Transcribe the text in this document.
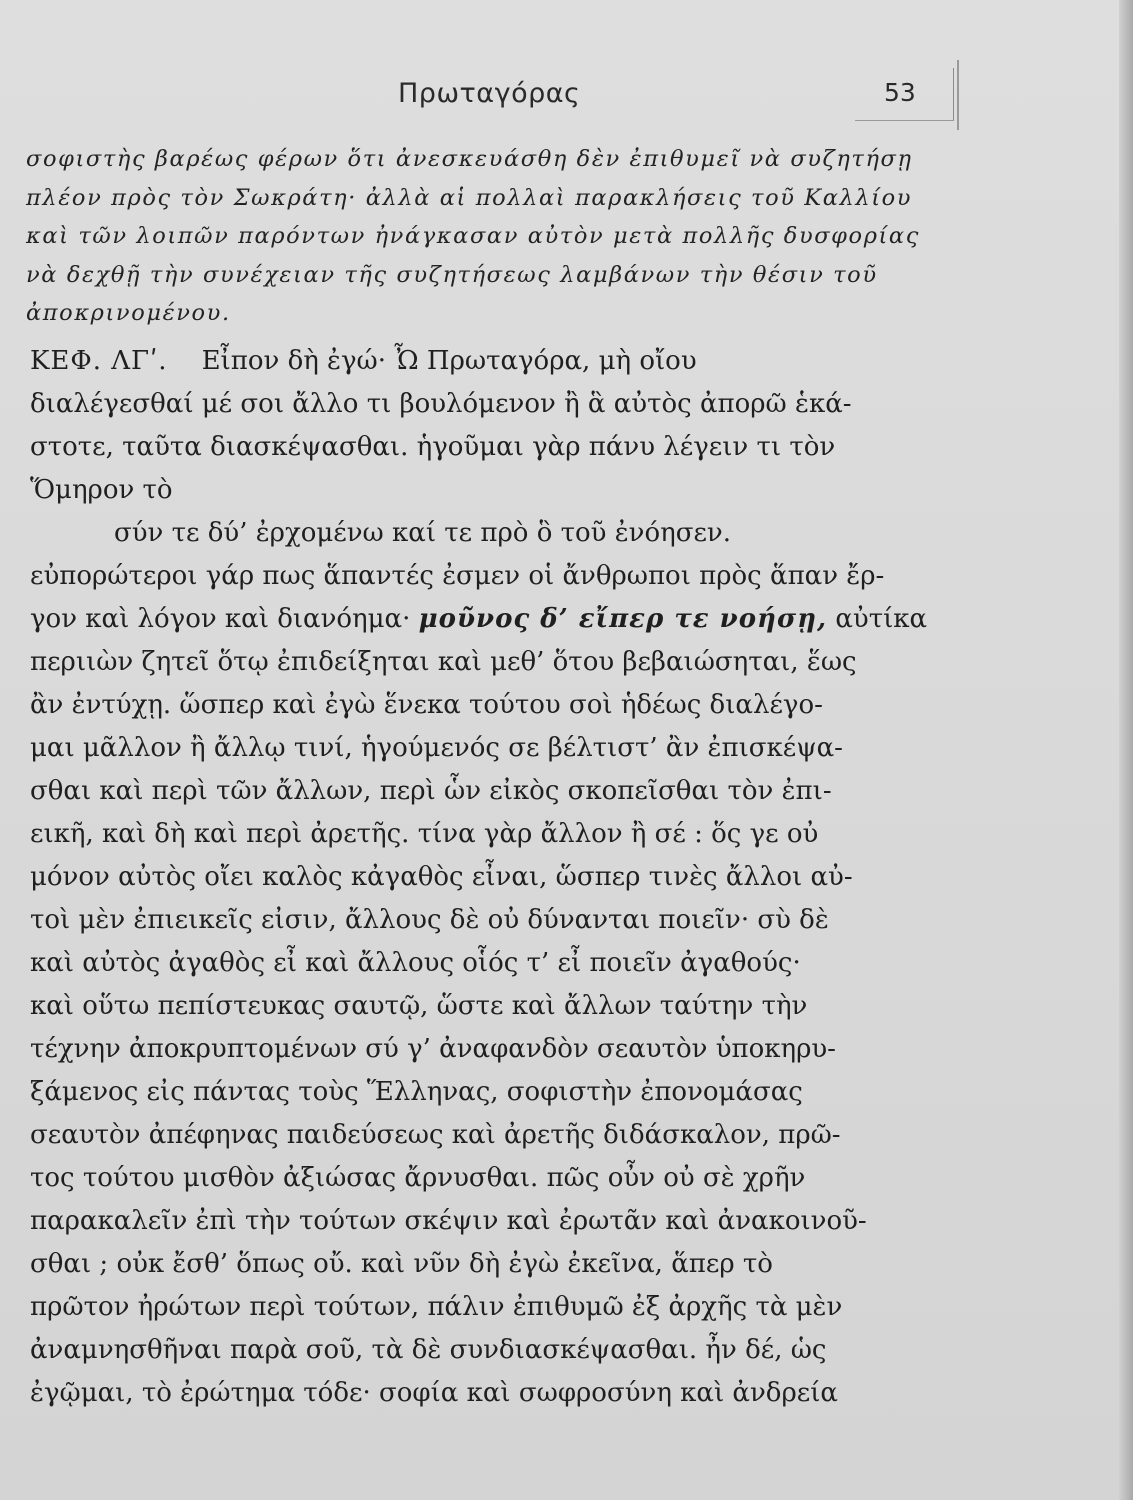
Πρωταγόρας	53
σοφιστὴς βαρέως φέρων ὅτι ἀνεσκευάσθη δὲν ἐπιθυμεῖ νὰ συζητήσῃ
πλέον πρὸς τὸν Σωκράτη· ἀλλὰ αἱ πολλαὶ παρακλήσεις τοῦ Καλλίου
καὶ τῶν λοιπῶν παρόντων ἠνάγκασαν αὐτὸν μετὰ πολλῆς δυσφορίας
νὰ δεχθῇ τὴν συνέχειαν τῆς συζητήσεως λαμβάνων τὴν θέσιν τοῦ
ἀποκρινομένου.
ΚΕΦ. ΛΓʹ. Εἶπον δὴ ἐγώ· Ὦ Πρωταγόρα, μὴ οἴου
διαλέγεσθαί μέ σοι ἄλλο τι βουλόμενον ἢ ἃ αὐτὸς ἀπορῶ ἑκά-
στοτε, ταῦτα διασκέψασθαι. ἡγοῦμαι γὰρ πάνυ λέγειν τι τὸν
Ὅμηρον τὸ
σύν τε δύ’ ἐρχομένω καί τε πρὸ ὃ τοῦ ἐνόησεν.
εὐπορώτεροι γάρ πως ἅπαντές ἐσμεν οἱ ἄνθρωποι πρὸς ἅπαν ἔρ-
γον καὶ λόγον καὶ διανόημα· μοῦνος δ’ εἴπερ τε νοήσῃ, αὐτίκα
περιιὼν ζητεῖ ὅτῳ ἐπιδείξηται καὶ μεθ’ ὅτου βεβαιώσηται, ἕως
ἂν ἐντύχῃ. ὥσπερ καὶ ἐγὼ ἕνεκα τούτου σοὶ ἡδέως διαλέγο-
μαι μᾶλλον ἢ ἄλλῳ τινί, ἡγούμενός σε βέλτιστ’ ἂν ἐπισκέψα-
σθαι καὶ περὶ τῶν ἄλλων, περὶ ὧν εἰκὸς σκοπεῖσθαι τὸν ἐπι-
εικῆ, καὶ δὴ καὶ περὶ ἀρετῆς. τίνα γὰρ ἄλλον ἢ σέ : ὅς γε οὐ
μόνον αὐτὸς οἴει καλὸς κἀγαθὸς εἶναι, ὥσπερ τινὲς ἄλλοι αὐ-
τοὶ μὲν ἐπιεικεῖς εἰσιν, ἄλλους δὲ οὐ δύνανται ποιεῖν· σὺ δὲ
καὶ αὐτὸς ἀγαθὸς εἶ καὶ ἄλλους οἷός τ’ εἶ ποιεῖν ἀγαθούς·
καὶ οὕτω πεπίστευκας σαυτῷ, ὥστε καὶ ἄλλων ταύτην τὴν
τέχνην ἀποκρυπτομένων σύ γ’ ἀναφανδὸν σεαυτὸν ὑποκηρυ-
ξάμενος εἰς πάντας τοὺς Ἕλληνας, σοφιστὴν ἐπονομάσας
σεαυτὸν ἀπέφηνας παιδεύσεως καὶ ἀρετῆς διδάσκαλον, πρῶ-
τος τούτου μισθὸν ἀξιώσας ἄρνυσθαι. πῶς οὖν οὐ σὲ χρῆν
παρακαλεῖν ἐπὶ τὴν τούτων σκέψιν καὶ ἐρωτᾶν καὶ ἀνακοινοῦ-
σθαι ; οὐκ ἔσθ’ ὅπως οὔ. καὶ νῦν δὴ ἐγὼ ἐκεῖνα, ἅπερ τὸ
πρῶτον ἠρώτων περὶ τούτων, πάλιν ἐπιθυμῶ ἐξ ἀρχῆς τὰ μὲν
ἀναμνησθῆναι παρὰ σοῦ, τὰ δὲ συνδιασκέψασθαι. ἦν δέ, ὡς
ἐγῷμαι, τὸ ἐρώτημα τόδε· σοφία καὶ σωφροσύνη καὶ ἀνδρεία
